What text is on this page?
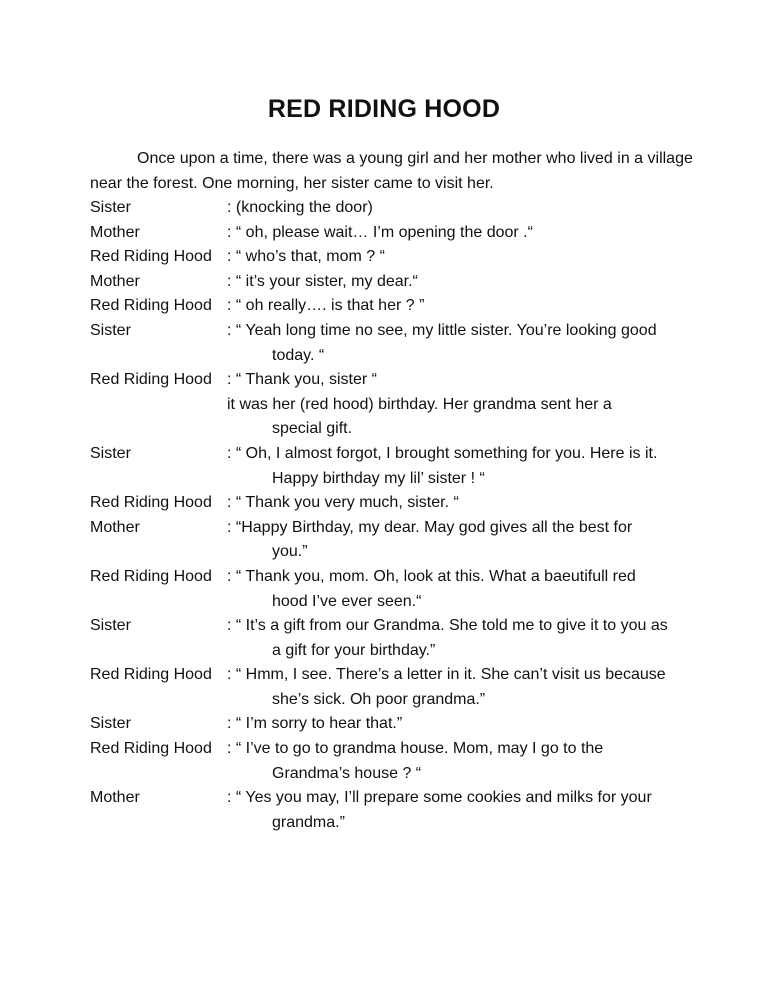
RED RIDING HOOD
Once upon a time, there was a young girl and her mother who lived in a village near the forest. One morning, her sister came to visit her.
Sister	: (knocking the door)
Mother	: “ oh, please wait… I’m opening the door .“
Red Riding Hood : “ who’s that, mom ? “
Mother	: “ it’s your sister, my dear.“
Red Riding Hood : “ oh really…. is that her ? ”
Sister	: “ Yeah long time no see, my little sister. You’re looking good
today. “
Red Riding Hood : “ Thank you, sister “
it was her (red hood) birthday. Her grandma sent her a
special gift.
Sister	: “ Oh, I almost forgot, I brought something for you. Here is it.
Happy birthday my lil’ sister ! “
Red Riding Hood : “ Thank you very much, sister. “
Mother	: “Happy Birthday, my dear. May god gives all the best for
you.”
Red Riding Hood : “ Thank you, mom. Oh, look at this. What a baeutifull red
hood I’ve ever seen.“
Sister	: “ It’s a gift from our Grandma. She told me to give it to you as
a gift for your birthday.”
Red Riding Hood : “ Hmm, I see. There’s a letter in it. She can’t visit us because
she’s sick. Oh poor grandma.”
Sister	: “ I’m sorry to hear that.”
Red Riding Hood : “ I’ve to go to grandma house. Mom, may I go to the
Grandma’s house ? “
Mother	: “ Yes you may, I’ll prepare some cookies and milks for your
grandma.”
